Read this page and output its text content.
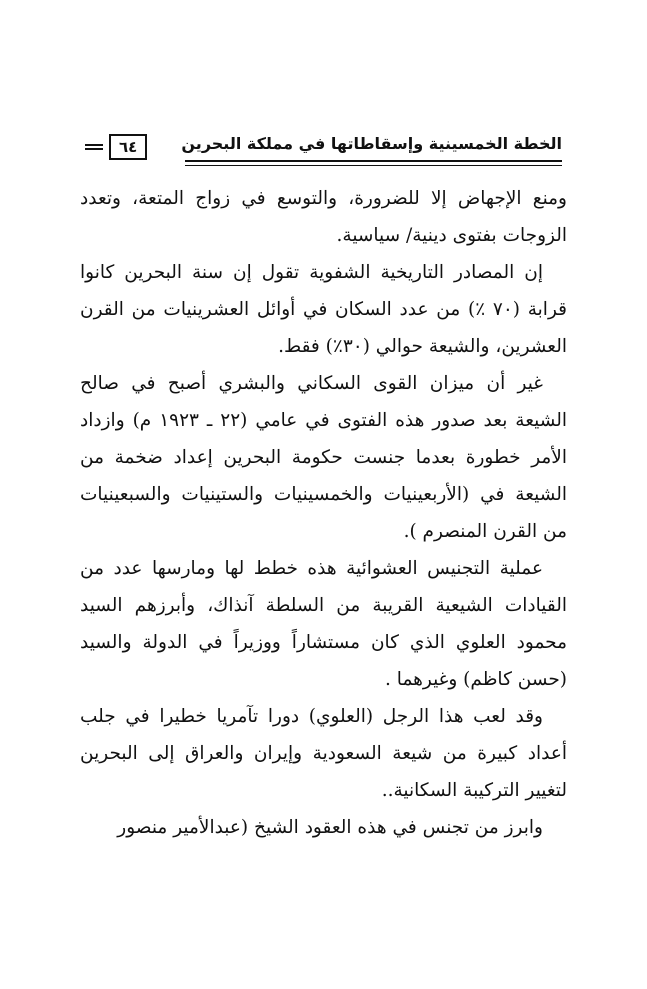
٦٤	الخطة الخمسينية وإسقاطاتها في مملكة البحرين

ومنع الإجهاض إلا للضرورة، والتوسع في زواج المتعة، وتعدد الزوجات بفتوى دينية/ سياسية.

إن المصادر التاريخية الشفوية تقول إن سنة البحرين كانوا قرابة (٧٠ ٪) من عدد السكان في أوائل العشرينيات من القرن العشرين، والشيعة حوالي (٣٠٪) فقط.

غير أن ميزان القوى السكاني والبشري أصبح في صالح الشيعة بعد صدور هذه الفتوى في عامي (٢٢ ـ ١٩٢٣ م) وازداد الأمر خطورة بعدما جنست حكومة البحرين إعداد ضخمة من الشيعة في (الأربعينيات والخمسينيات والستينيات والسبعينيات من القرن المنصرم ).

عملية التجنيس العشوائية هذه خطط لها ومارسها عدد من القيادات الشيعية القريبة من السلطة آنذاك، وأبرزهم السيد محمود العلوي الذي كان مستشاراً ووزيراً في الدولة والسيد (حسن كاظم) وغيرهما .

وقد لعب هذا الرجل (العلوي) دورا تآمريا خطيرا في جلب أعداد كبيرة من شيعة السعودية وإيران والعراق إلى البحرين لتغيير التركيبة السكانية..

وابرز من تجنس في هذه العقود الشيخ (عبدالأمير منصور
